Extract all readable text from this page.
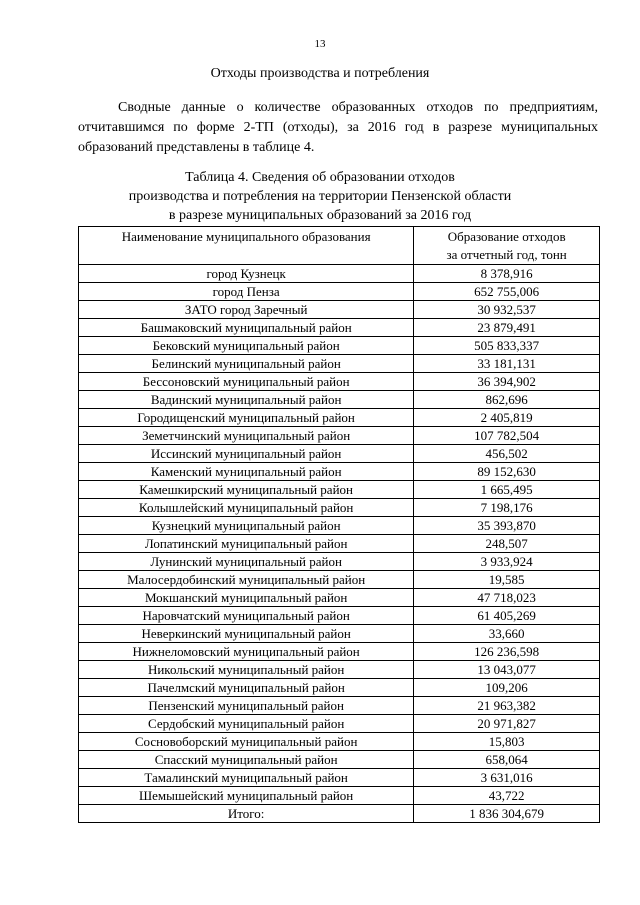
13
Отходы производства и потребления

Сводные данные о количестве образованных отходов по предприятиям,
отчитавшимся по форме 2-ТП (отходы), за 2016 год в разрезе муниципальных
образований представлены в таблице 4.

Таблица 4. Сведения об образовании отходов
производства и потребления на территории Пензенской области
в разрезе муниципальных образований за 2016 год
Наименование муниципального образования	Образование отходов
за отчетный год, тонн
город Кузнецк	8 378,916
город Пенза	652 755,006
ЗАТО город Заречный	30 932,537
Башмаковский муниципальный район	23 879,491
Бековский муниципальный район	505 833,337
Белинский муниципальный район	33 181,131
Бессоновский муниципальный район	36 394,902
Вадинский муниципальный район	862,696
Городищенский муниципальный район	2 405,819
Земетчинский муниципальный район	107 782,504
Иссинский муниципальный район	456,502
Каменский муниципальный район	89 152,630
Камешкирский муниципальный район	1 665,495
Колышлейский муниципальный район	7 198,176
Кузнецкий муниципальный район	35 393,870
Лопатинский муниципальный район	248,507
Лунинский муниципальный район	3 933,924
Малосердобинский муниципальный район	19,585
Мокшанский муниципальный район	47 718,023
Наровчатский муниципальный район	61 405,269
Неверкинский муниципальный район	33,660
Нижнеломовский муниципальный район	126 236,598
Никольский муниципальный район	13 043,077
Пачелмский муниципальный район	109,206
Пензенский муниципальный район	21 963,382
Сердобский муниципальный район	20 971,827
Сосновоборский муниципальный район	15,803
Спасский муниципальный район	658,064
Тамалинский муниципальный район	3 631,016
Шемышейский муниципальный район	43,722
Итого:	1 836 304,679
